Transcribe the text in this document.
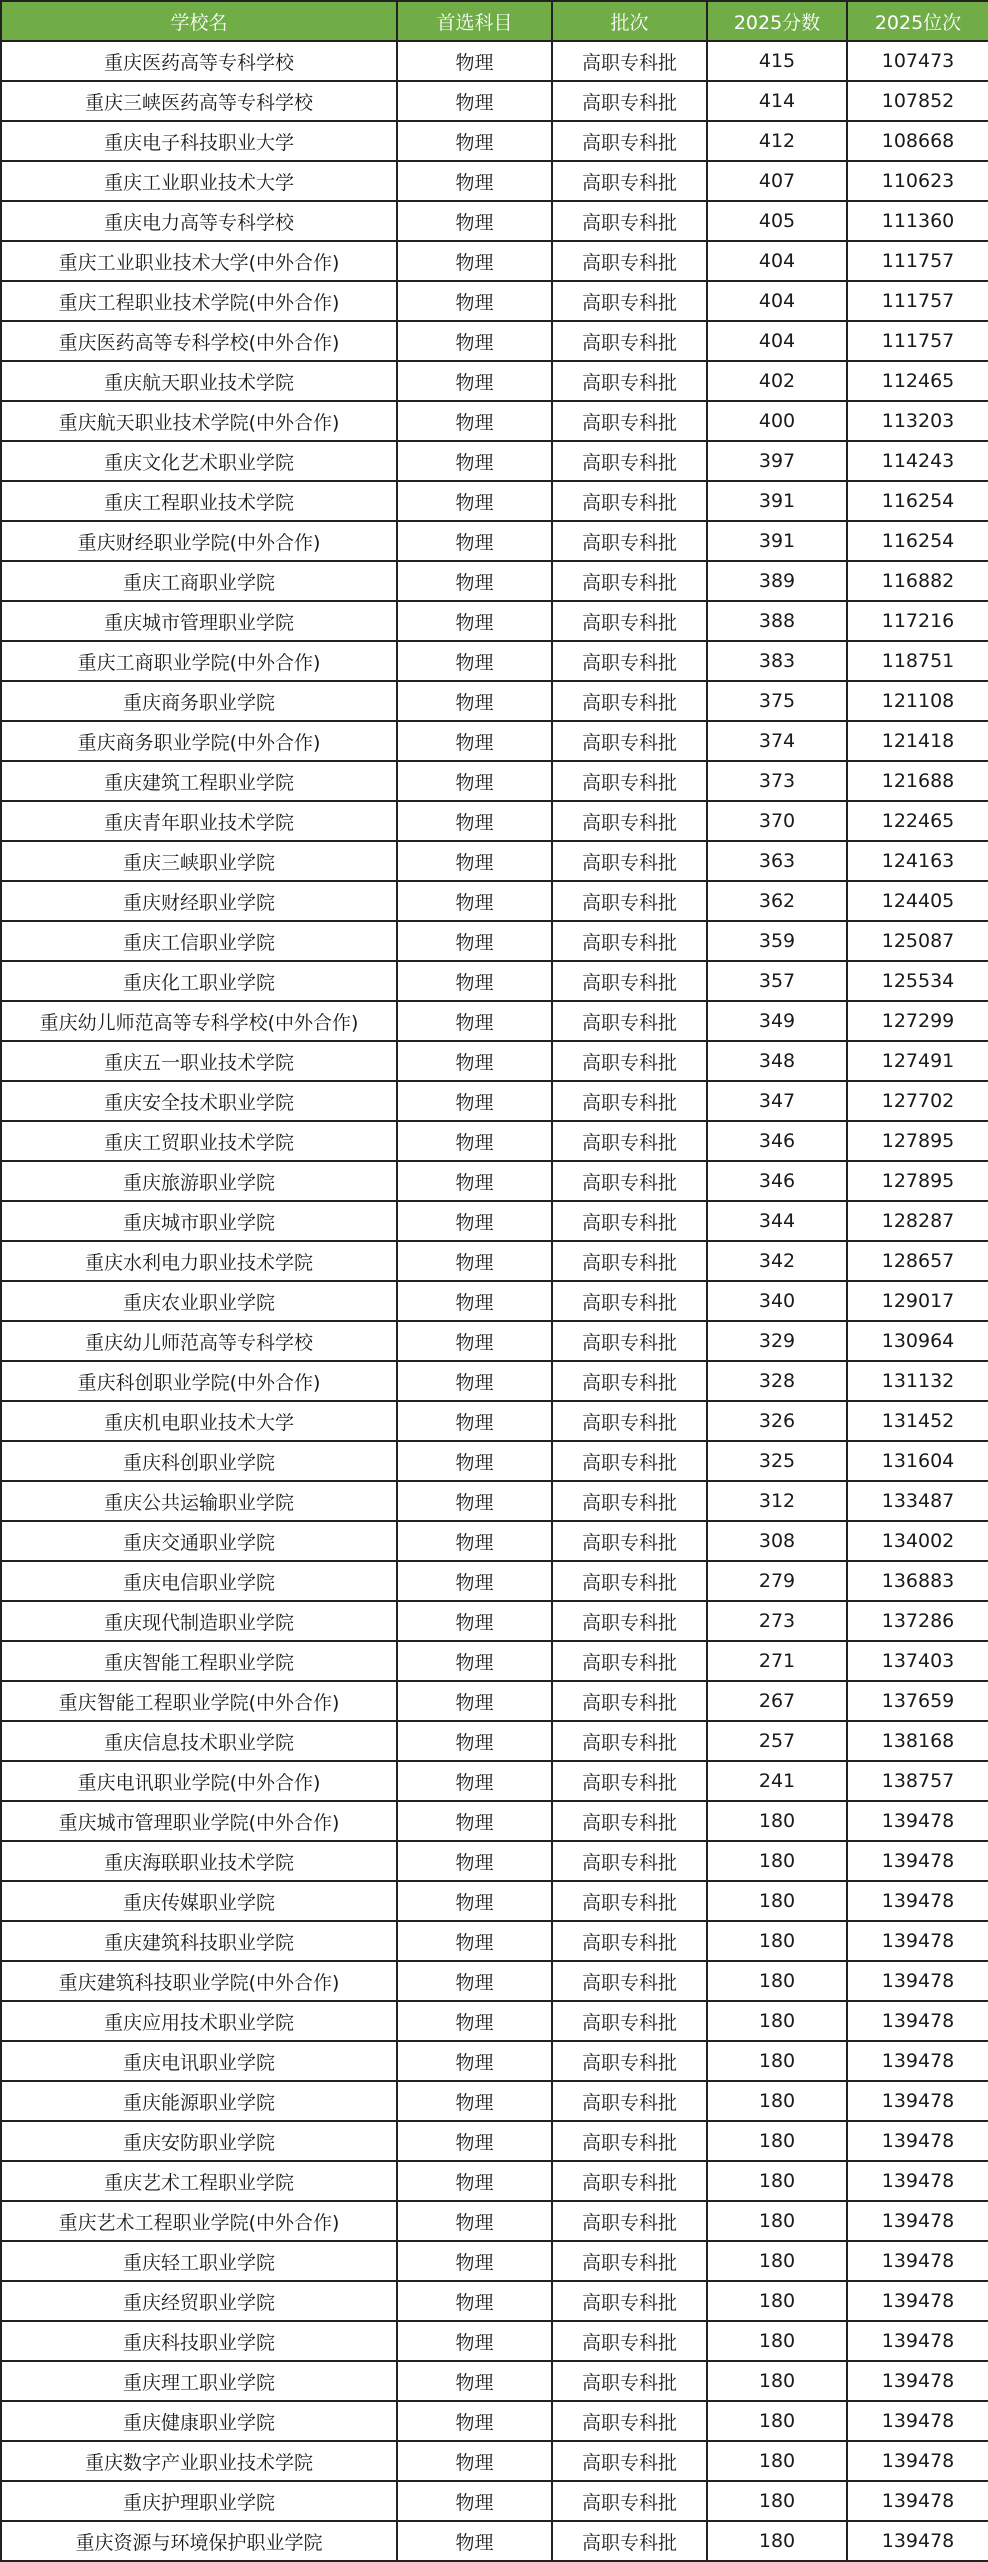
学校名	首选科目	批次	2025分数	2025位次
重庆医药高等专科学校	物理	高职专科批	415	107473
重庆三峡医药高等专科学校	物理	高职专科批	414	107852
重庆电子科技职业大学	物理	高职专科批	412	108668
重庆工业职业技术大学	物理	高职专科批	407	110623
重庆电力高等专科学校	物理	高职专科批	405	111360
重庆工业职业技术大学(中外合作)	物理	高职专科批	404	111757
重庆工程职业技术学院(中外合作)	物理	高职专科批	404	111757
重庆医药高等专科学校(中外合作)	物理	高职专科批	404	111757
重庆航天职业技术学院	物理	高职专科批	402	112465
重庆航天职业技术学院(中外合作)	物理	高职专科批	400	113203
重庆文化艺术职业学院	物理	高职专科批	397	114243
重庆工程职业技术学院	物理	高职专科批	391	116254
重庆财经职业学院(中外合作)	物理	高职专科批	391	116254
重庆工商职业学院	物理	高职专科批	389	116882
重庆城市管理职业学院	物理	高职专科批	388	117216
重庆工商职业学院(中外合作)	物理	高职专科批	383	118751
重庆商务职业学院	物理	高职专科批	375	121108
重庆商务职业学院(中外合作)	物理	高职专科批	374	121418
重庆建筑工程职业学院	物理	高职专科批	373	121688
重庆青年职业技术学院	物理	高职专科批	370	122465
重庆三峡职业学院	物理	高职专科批	363	124163
重庆财经职业学院	物理	高职专科批	362	124405
重庆工信职业学院	物理	高职专科批	359	125087
重庆化工职业学院	物理	高职专科批	357	125534
重庆幼儿师范高等专科学校(中外合作)	物理	高职专科批	349	127299
重庆五一职业技术学院	物理	高职专科批	348	127491
重庆安全技术职业学院	物理	高职专科批	347	127702
重庆工贸职业技术学院	物理	高职专科批	346	127895
重庆旅游职业学院	物理	高职专科批	346	127895
重庆城市职业学院	物理	高职专科批	344	128287
重庆水利电力职业技术学院	物理	高职专科批	342	128657
重庆农业职业学院	物理	高职专科批	340	129017
重庆幼儿师范高等专科学校	物理	高职专科批	329	130964
重庆科创职业学院(中外合作)	物理	高职专科批	328	131132
重庆机电职业技术大学	物理	高职专科批	326	131452
重庆科创职业学院	物理	高职专科批	325	131604
重庆公共运输职业学院	物理	高职专科批	312	133487
重庆交通职业学院	物理	高职专科批	308	134002
重庆电信职业学院	物理	高职专科批	279	136883
重庆现代制造职业学院	物理	高职专科批	273	137286
重庆智能工程职业学院	物理	高职专科批	271	137403
重庆智能工程职业学院(中外合作)	物理	高职专科批	267	137659
重庆信息技术职业学院	物理	高职专科批	257	138168
重庆电讯职业学院(中外合作)	物理	高职专科批	241	138757
重庆城市管理职业学院(中外合作)	物理	高职专科批	180	139478
重庆海联职业技术学院	物理	高职专科批	180	139478
重庆传媒职业学院	物理	高职专科批	180	139478
重庆建筑科技职业学院	物理	高职专科批	180	139478
重庆建筑科技职业学院(中外合作)	物理	高职专科批	180	139478
重庆应用技术职业学院	物理	高职专科批	180	139478
重庆电讯职业学院	物理	高职专科批	180	139478
重庆能源职业学院	物理	高职专科批	180	139478
重庆安防职业学院	物理	高职专科批	180	139478
重庆艺术工程职业学院	物理	高职专科批	180	139478
重庆艺术工程职业学院(中外合作)	物理	高职专科批	180	139478
重庆轻工职业学院	物理	高职专科批	180	139478
重庆经贸职业学院	物理	高职专科批	180	139478
重庆科技职业学院	物理	高职专科批	180	139478
重庆理工职业学院	物理	高职专科批	180	139478
重庆健康职业学院	物理	高职专科批	180	139478
重庆数字产业职业技术学院	物理	高职专科批	180	139478
重庆护理职业学院	物理	高职专科批	180	139478
重庆资源与环境保护职业学院	物理	高职专科批	180	139478
